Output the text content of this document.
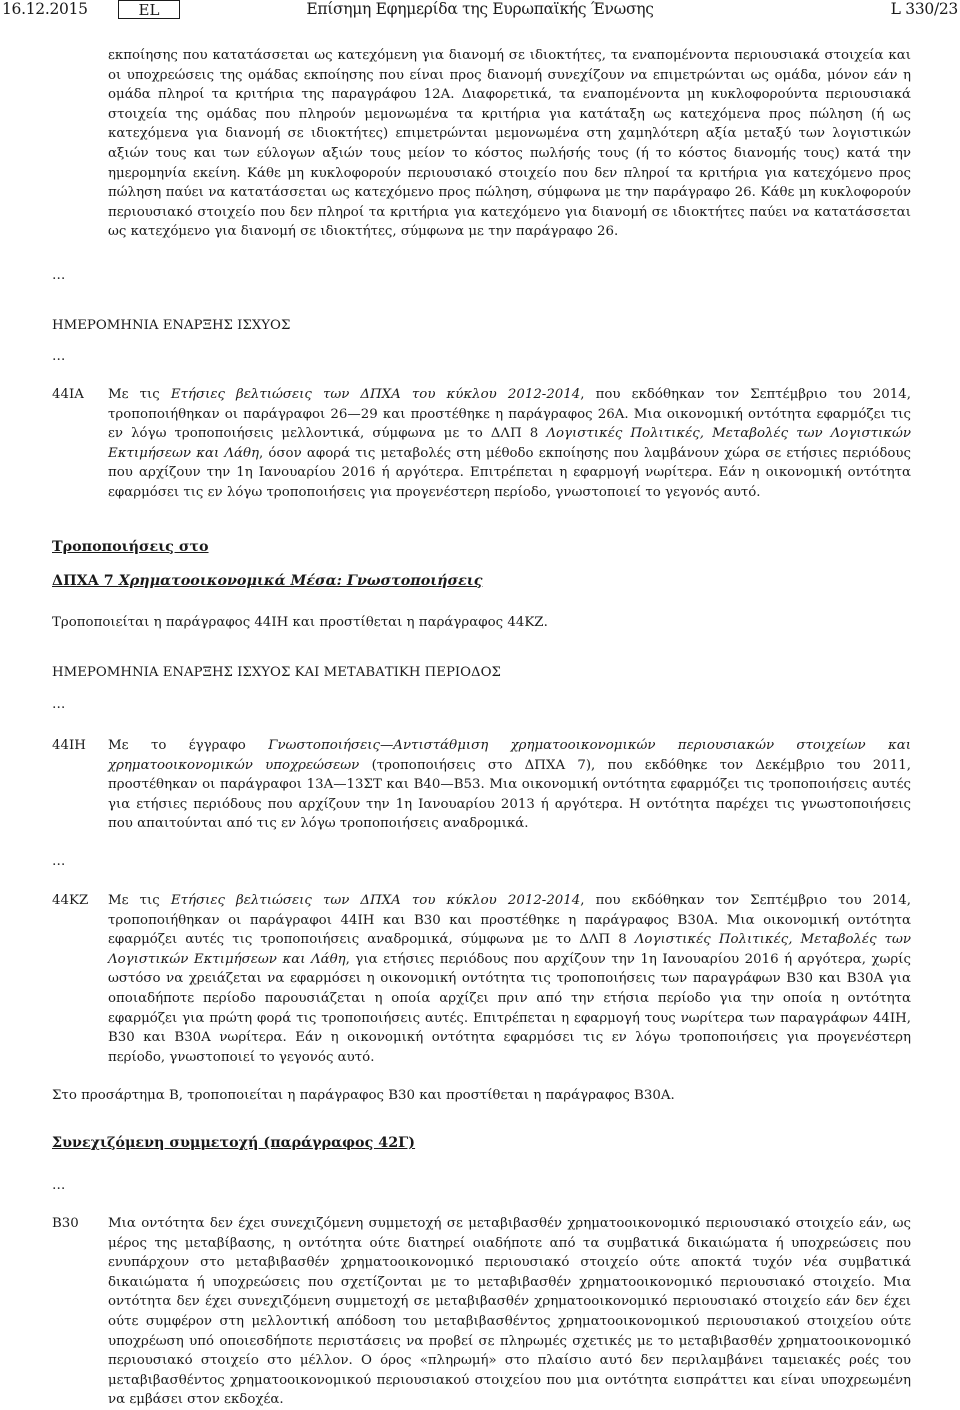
16.12.2015	EL	Επίσημη Εφημερίδα της Ευρωπαϊκής Ένωσης	L 330/23
εκποίησης που κατατάσσεται ως κατεχόμενη για διανομή σε ιδιοκτήτες, τα εναπομένοντα περιουσιακά στοιχεία και οι υποχρεώσεις της ομάδας εκποίησης που είναι προς διανομή συνεχίζουν να επιμετρώνται ως ομάδα, μόνον εάν η ομάδα πληροί τα κριτήρια της παραγράφου 12Α. Διαφορετικά, τα εναπομένοντα μη κυκλοφορούντα περιουσιακά στοιχεία της ομάδας που πληρούν μεμονωμένα τα κριτήρια για κατάταξη ως κατεχόμενα προς πώληση (ή ως κατεχόμενα για διανομή σε ιδιοκτήτες) επιμετρώνται μεμονωμένα στη χαμηλότερη αξία μεταξύ των λογιστικών αξιών τους και των εύλογων αξιών τους μείον το κόστος πωλήσής τους (ή το κόστος διανομής τους) κατά την ημερομηνία εκείνη. Κάθε μη κυκλοφορούν περιουσιακό στοιχείο που δεν πληροί τα κριτήρια για κατεχόμενο προς πώληση παύει να κατατάσσεται ως κατεχόμενο προς πώληση, σύμφωνα με την παράγραφο 26. Κάθε μη κυκλοφορούν περιουσιακό στοιχείο που δεν πληροί τα κριτήρια για κατεχόμενο για διανομή σε ιδιοκτήτες παύει να κατατάσσεται ως κατεχόμενο για διανομή σε ιδιοκτήτες, σύμφωνα με την παράγραφο 26.
…
ΗΜΕΡΟΜΗΝΙΑ ΕΝΑΡΞΗΣ ΙΣΧΥΟΣ
…
44ΙΑ Με τις Ετήσιες βελτιώσεις των ΔΠΧΑ του κύκλου 2012-2014, που εκδόθηκαν τον Σεπτέμβριο του 2014, τροποποιήθηκαν οι παράγραφοι 26—29 και προστέθηκε η παράγραφος 26Α. Μια οικονομική οντότητα εφαρμόζει τις εν λόγω τροποποιήσεις μελλοντικά, σύμφωνα με το ΔΛΠ 8 Λογιστικές Πολιτικές, Μεταβολές των Λογιστικών Εκτιμήσεων και Λάθη, όσον αφορά τις μεταβολές στη μέθοδο εκποίησης που λαμβάνουν χώρα σε ετήσιες περιόδους που αρχίζουν την 1η Ιανουαρίου 2016 ή αργότερα. Επιτρέπεται η εφαρμογή νωρίτερα. Εάν η οικονομική οντότητα εφαρμόσει τις εν λόγω τροποποιήσεις για προγενέστερη περίοδο, γνωστοποιεί το γεγονός αυτό.
Τροποποιήσεις στο
ΔΠΧΑ 7 Χρηματοοικονομικά Μέσα: Γνωστοποιήσεις
Τροποποιείται η παράγραφος 44ΙΗ και προστίθεται η παράγραφος 44ΚΖ.
ΗΜΕΡΟΜΗΝΙΑ ΕΝΑΡΞΗΣ ΙΣΧΥΟΣ ΚΑΙ ΜΕΤΑΒΑΤΙΚΗ ΠΕΡΙΟΔΟΣ
…
44ΙΗ Με το έγγραφο Γνωστοποιήσεις—Αντιστάθμιση χρηματοοικονομικών περιουσιακών στοιχείων και χρηματοοικονομικών υποχρεώσεων (τροποποιήσεις στο ΔΠΧΑ 7), που εκδόθηκε τον Δεκέμβριο του 2011, προστέθηκαν οι παράγραφοι 13Α—13ΣΤ και Β40—Β53. Μια οικονομική οντότητα εφαρμόζει τις τροποποιήσεις αυτές για ετήσιες περιόδους που αρχίζουν την 1η Ιανουαρίου 2013 ή αργότερα. Η οντότητα παρέχει τις γνωστοποιήσεις που απαιτούνται από τις εν λόγω τροποποιήσεις αναδρομικά.
…
44ΚΖ Με τις Ετήσιες βελτιώσεις των ΔΠΧΑ του κύκλου 2012-2014, που εκδόθηκαν τον Σεπτέμβριο του 2014, τροποποιήθηκαν οι παράγραφοι 44ΙΗ και Β30 και προστέθηκε η παράγραφος Β30Α. Μια οικονομική οντότητα εφαρμόζει αυτές τις τροποποιήσεις αναδρομικά, σύμφωνα με το ΔΛΠ 8 Λογιστικές Πολιτικές, Μεταβολές των Λογιστικών Εκτιμήσεων και Λάθη, για ετήσιες περιόδους που αρχίζουν την 1η Ιανουαρίου 2016 ή αργότερα, χωρίς ωστόσο να χρειάζεται να εφαρμόσει η οικονομική οντότητα τις τροποποιήσεις των παραγράφων Β30 και Β30Α για οποιαδήποτε περίοδο παρουσιάζεται η οποία αρχίζει πριν από την ετήσια περίοδο για την οποία η οντότητα εφαρμόζει για πρώτη φορά τις τροποποιήσεις αυτές. Επιτρέπεται η εφαρμογή τους νωρίτερα των παραγράφων 44ΙΗ, Β30 και Β30Α νωρίτερα. Εάν η οικονομική οντότητα εφαρμόσει τις εν λόγω τροποποιήσεις για προγενέστερη περίοδο, γνωστοποιεί το γεγονός αυτό.
Στο προσάρτημα Β, τροποποιείται η παράγραφος Β30 και προστίθεται η παράγραφος Β30Α.
Συνεχιζόμενη συμμετοχή (παράγραφος 42Γ)
…
Β30 Μια οντότητα δεν έχει συνεχιζόμενη συμμετοχή σε μεταβιβασθέν χρηματοοικονομικό περιουσιακό στοιχείο εάν, ως μέρος της μεταβίβασης, η οντότητα ούτε διατηρεί οιαδήποτε από τα συμβατικά δικαιώματα ή υποχρεώσεις που ενυπάρχουν στο μεταβιβασθέν χρηματοοικονομικό περιουσιακό στοιχείο ούτε αποκτά τυχόν νέα συμβατικά δικαιώματα ή υποχρεώσεις που σχετίζονται με το μεταβιβασθέν χρηματοοικονομικό περιουσιακό στοιχείο. Μια οντότητα δεν έχει συνεχιζόμενη συμμετοχή σε μεταβιβασθέν χρηματοοικονομικό περιουσιακό στοιχείο εάν δεν έχει ούτε συμφέρον στη μελλοντική απόδοση του μεταβιβασθέντος χρηματοοικονομικού περιουσιακού στοιχείου ούτε υποχρέωση υπό οποιεσδήποτε περιστάσεις να προβεί σε πληρωμές σχετικές με το μεταβιβασθέν χρηματοοικονομικό περιουσιακό στοιχείο στο μέλλον. Ο όρος «πληρωμή» στο πλαίσιο αυτό δεν περιλαμβάνει ταμειακές ροές του μεταβιβασθέντος χρηματοοικονομικού περιουσιακού στοιχείου που μια οντότητα εισπράττει και είναι υποχρεωμένη να εμβάσει στον εκδοχέα.
